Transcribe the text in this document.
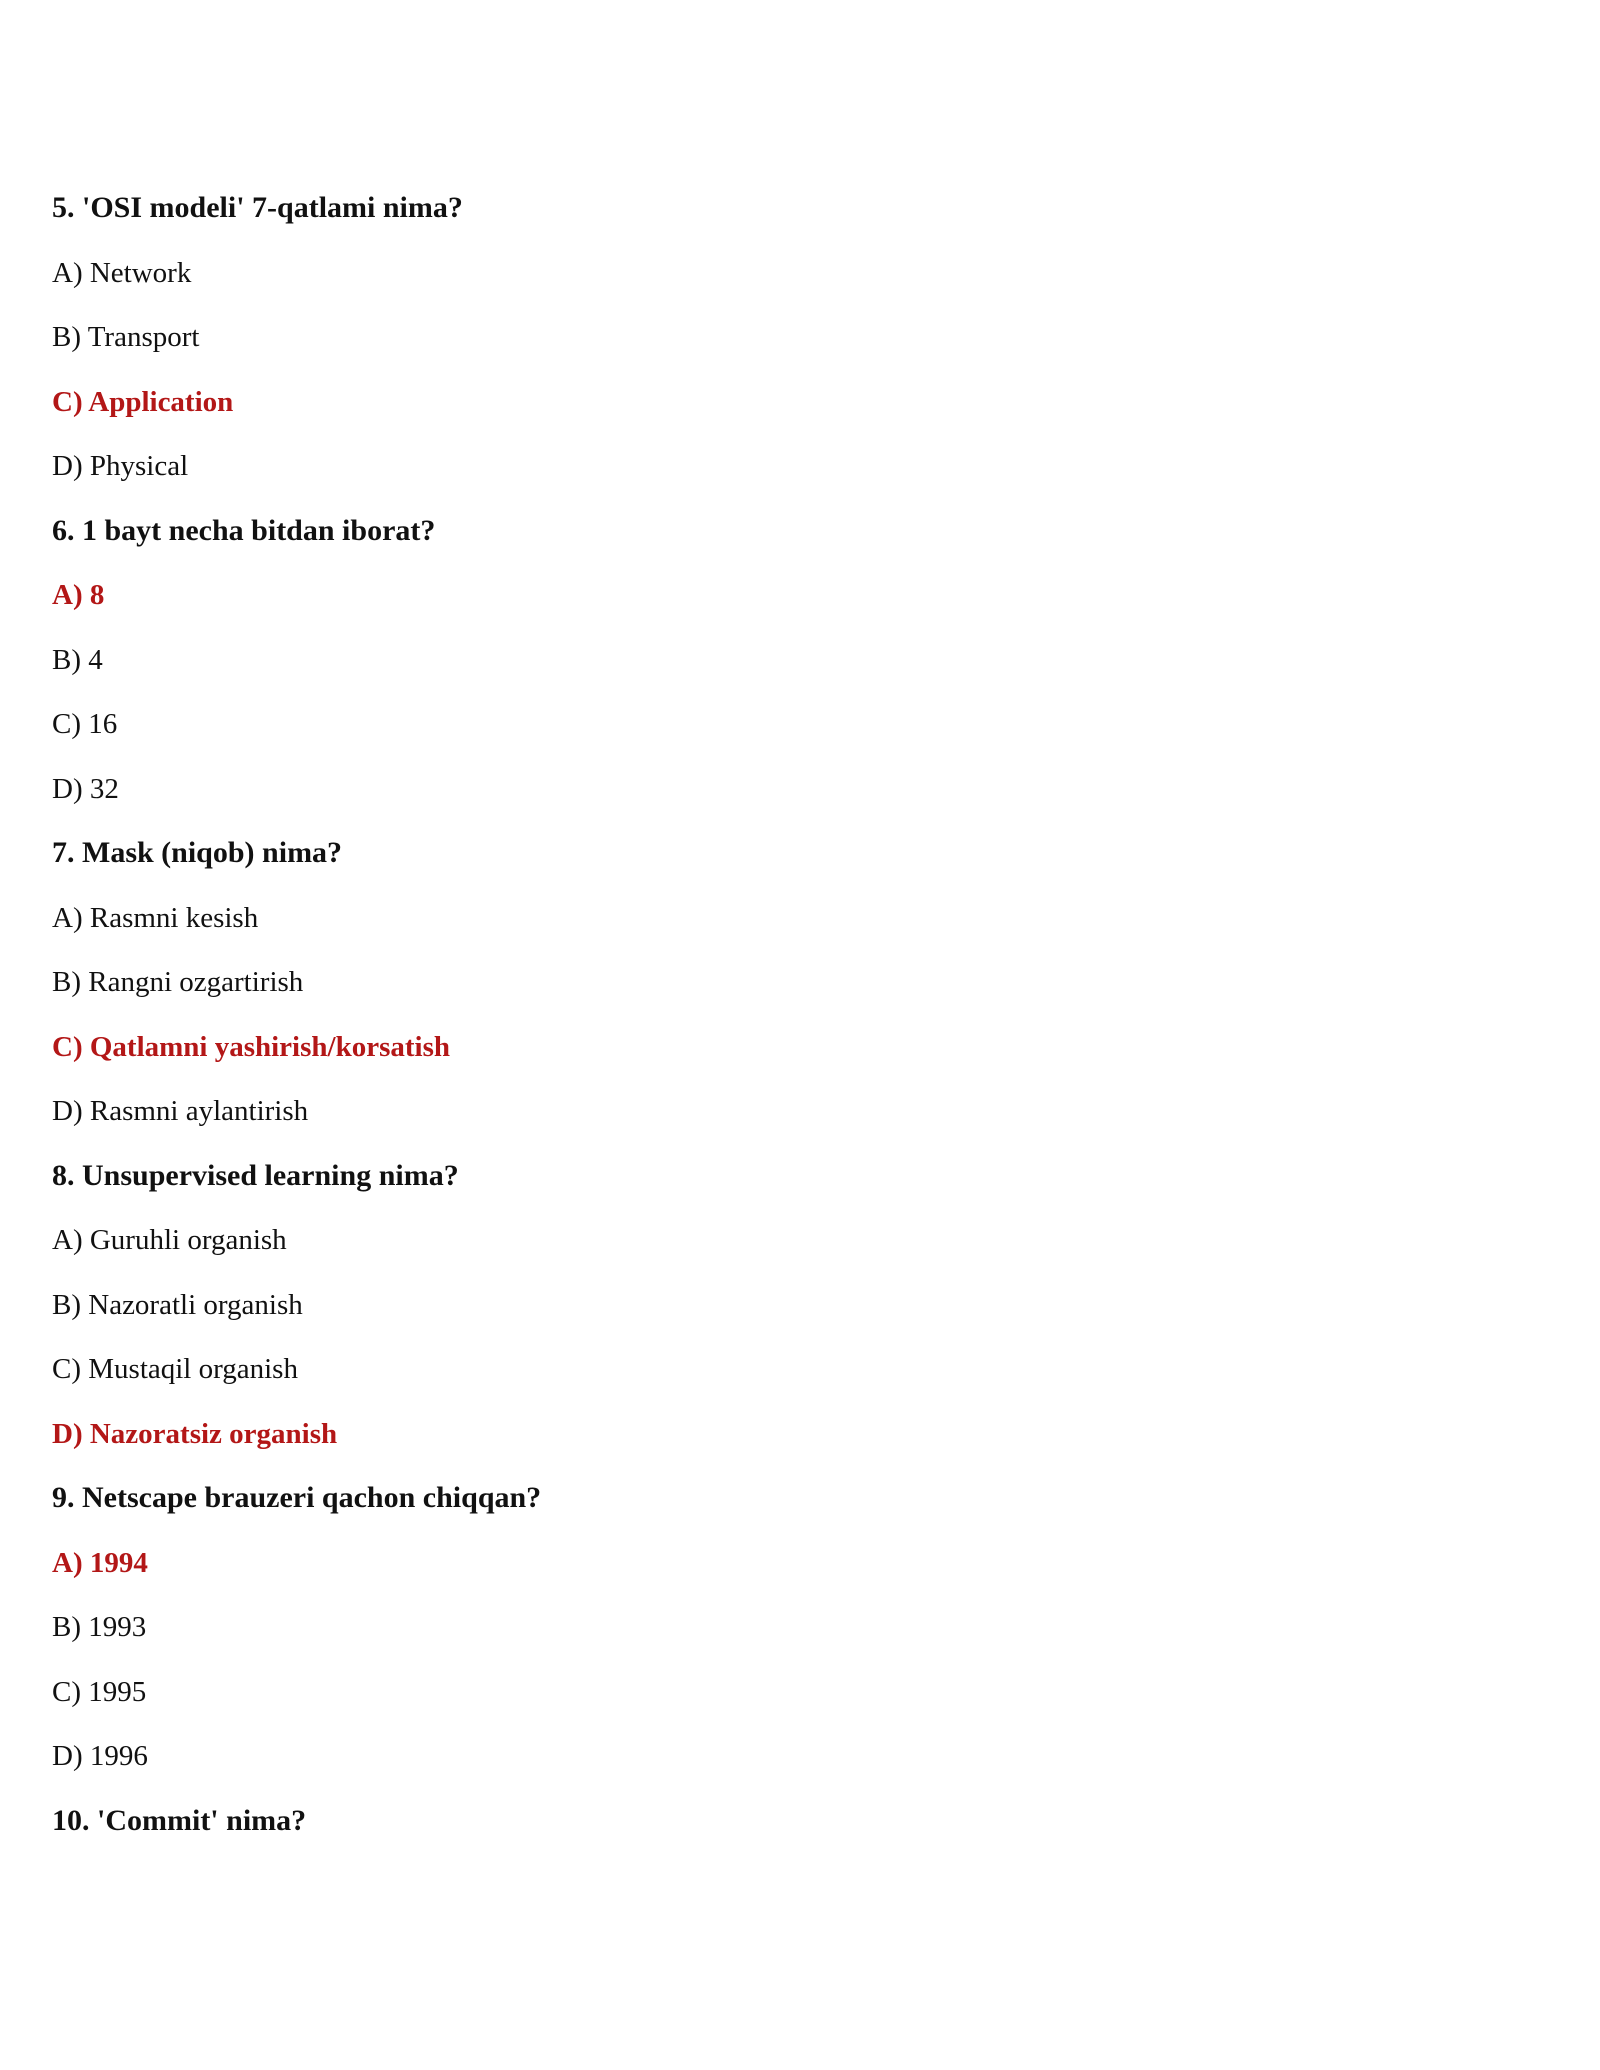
5. 'OSI modeli' 7-qatlami nima?
A) Network
B) Transport
C) Application
D) Physical
6. 1 bayt necha bitdan iborat?
A) 8
B) 4
C) 16
D) 32
7. Mask (niqob) nima?
A) Rasmni kesish
B) Rangni ozgartirish
C) Qatlamni yashirish/korsatish
D) Rasmni aylantirish
8. Unsupervised learning nima?
A) Guruhli organish
B) Nazoratli organish
C) Mustaqil organish
D) Nazoratsiz organish
9. Netscape brauzeri qachon chiqqan?
A) 1994
B) 1993
C) 1995
D) 1996
10. 'Commit' nima?
